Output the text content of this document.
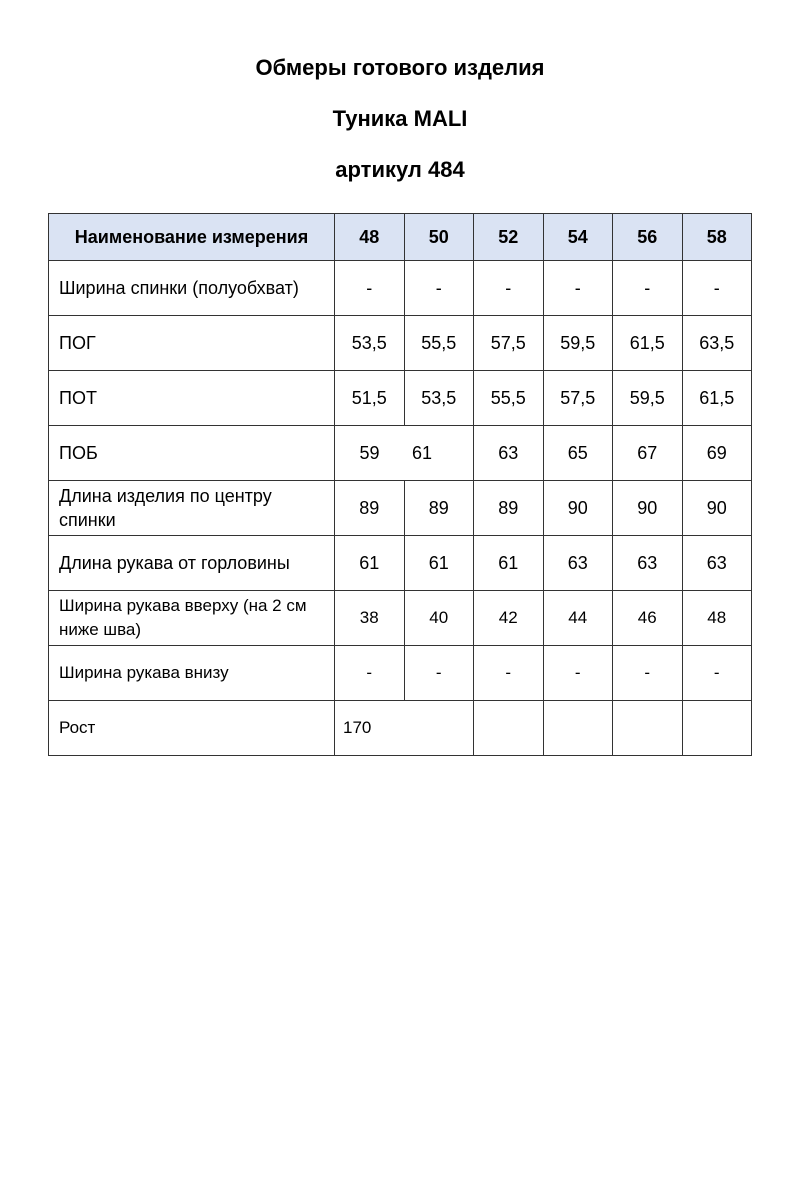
Обмеры готового изделия
Туника MALI
артикул 484
Наименование измерения	48	50	52	54	56	58
Ширина спинки (полуобхват)	-	-	-	-	-	-
ПОГ	53,5	55,5	57,5	59,5	61,5	63,5
ПОТ	51,5	53,5	55,5	57,5	59,5	61,5
ПОБ	59	61	63	65	67	69
Длина изделия по центру спинки	89	89	89	90	90	90
Длина рукава от горловины	61	61	61	63	63	63
Ширина рукава вверху (на 2 см ниже шва)	38	40	42	44	46	48
Ширина рукава внизу	-	-	-	-	-	-
Рост	170					
